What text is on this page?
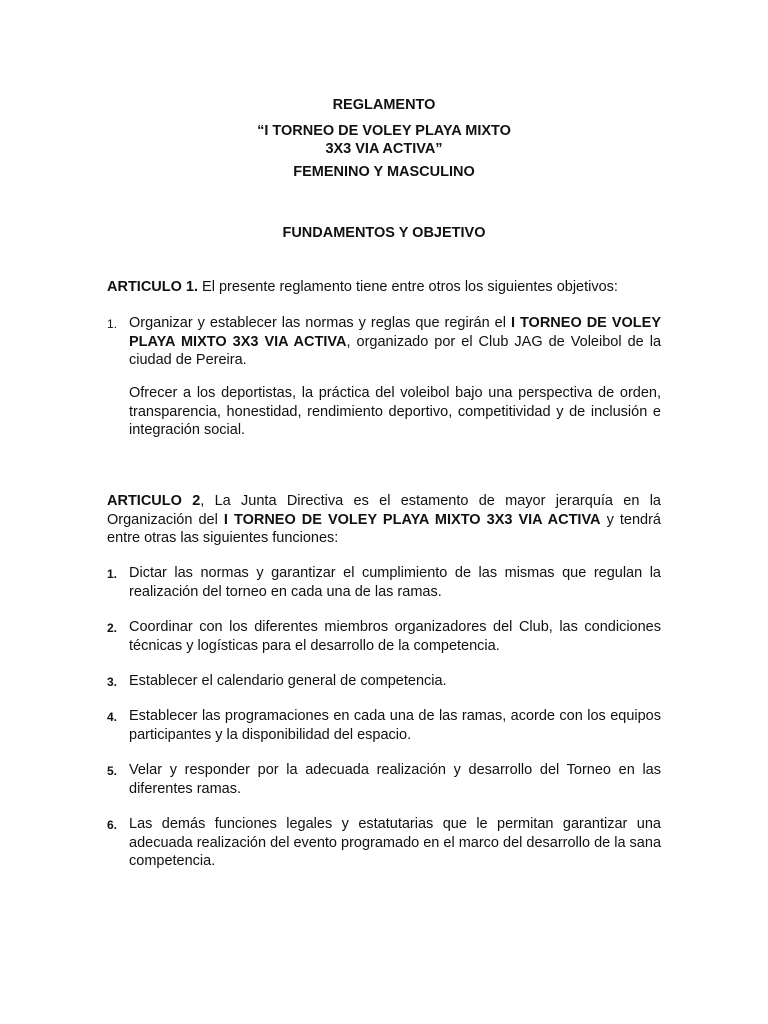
REGLAMENTO
“I TORNEO DE VOLEY PLAYA MIXTO
3X3 VIA ACTIVA”
FEMENINO Y MASCULINO
FUNDAMENTOS Y OBJETIVO
ARTICULO 1. El presente reglamento tiene entre otros los siguientes objetivos:
1. Organizar y establecer las normas y reglas que regirán el I TORNEO DE VOLEY PLAYA MIXTO 3X3 VIA ACTIVA, organizado por el Club JAG de Voleibol de la ciudad de Pereira.
Ofrecer a los deportistas, la práctica del voleibol bajo una perspectiva de orden, transparencia, honestidad, rendimiento deportivo, competitividad y de inclusión e integración social.
ARTICULO 2, La Junta Directiva es el estamento de mayor jerarquía en la Organización del I TORNEO DE VOLEY PLAYA MIXTO 3X3 VIA ACTIVA y tendrá entre otras las siguientes funciones:
1. Dictar las normas y garantizar el cumplimiento de las mismas que regulan la realización del torneo en cada una de las ramas.
2. Coordinar con los diferentes miembros organizadores del Club, las condiciones técnicas y logísticas para el desarrollo de la competencia.
3. Establecer el calendario general de competencia.
4. Establecer las programaciones en cada una de las ramas, acorde con los equipos participantes y la disponibilidad del espacio.
5. Velar y responder por la adecuada realización y desarrollo del Torneo en las diferentes ramas.
6. Las demás funciones legales y estatutarias que le permitan garantizar una adecuada realización del evento programado en el marco del desarrollo de la sana competencia.
